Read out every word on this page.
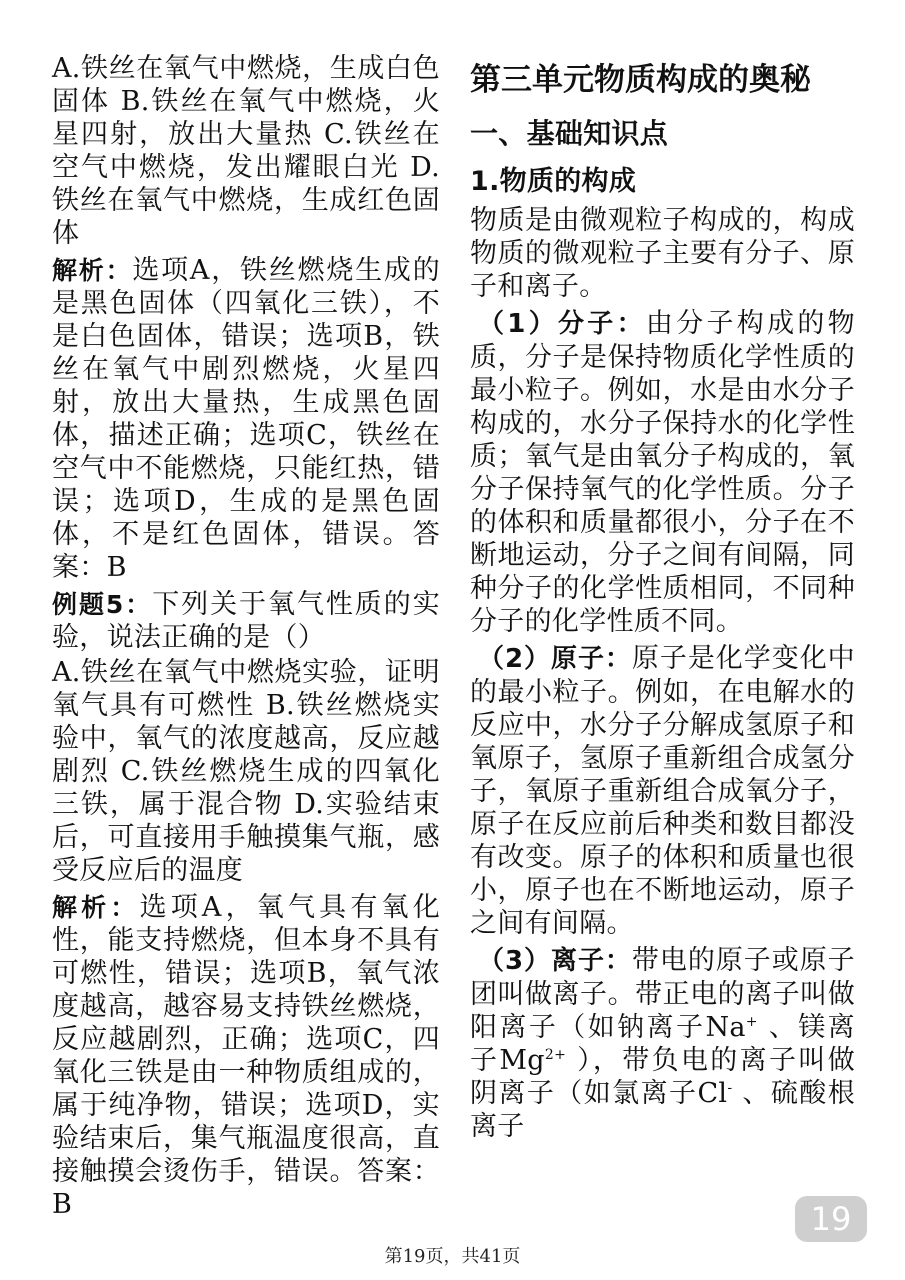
A.铁丝在氧气中燃烧，生成白色固体 B.铁丝在氧气中燃烧，火星四射，放出大量热 C.铁丝在空气中燃烧，发出耀眼白光 D.铁丝在氧气中燃烧，生成红色固体

解析：选项A，铁丝燃烧生成的是黑色固体（四氧化三铁），不是白色固体，错误；选项B，铁丝在氧气中剧烈燃烧，火星四射，放出大量热，生成黑色固体，描述正确；选项C，铁丝在空气中不能燃烧，只能红热，错误；选项D，生成的是黑色固体，不是红色固体，错误。答案：B

例题5：下列关于氧气性质的实验，说法正确的是（）

A.铁丝在氧气中燃烧实验，证明氧气具有可燃性 B.铁丝燃烧实验中，氧气的浓度越高，反应越剧烈 C.铁丝燃烧生成的四氧化三铁，属于混合物 D.实验结束后，可直接用手触摸集气瓶，感受反应后的温度

解析：选项A，氧气具有氧化性，能支持燃烧，但本身不具有可燃性，错误；选项B，氧气浓度越高，越容易支持铁丝燃烧，反应越剧烈，正确；选项C，四氧化三铁是由一种物质组成的，属于纯净物，错误；选项D，实验结束后，集气瓶温度很高，直接触摸会烫伤手，错误。答案：B

第三单元物质构成的奥秘
一、基础知识点
1.物质的构成

物质是由微观粒子构成的，构成物质的微观粒子主要有分子、原子和离子。

（1）分子：由分子构成的物质，分子是保持物质化学性质的最小粒子。例如，水是由水分子构成的，水分子保持水的化学性质；氧气是由氧分子构成的，氧分子保持氧气的化学性质。分子的体积和质量都很小，分子在不断地运动，分子之间有间隔，同种分子的化学性质相同，不同种分子的化学性质不同。

（2）原子：原子是化学变化中的最小粒子。例如，在电解水的反应中，水分子分解成氢原子和氧原子，氢原子重新组合成氢分子，氧原子重新组合成氧分子，原子在反应前后种类和数目都没有改变。原子的体积和质量也很小，原子也在不断地运动，原子之间有间隔。

（3）离子：带电的原子或原子团叫做离子。带正电的离子叫做阳离子（如钠离子Na+ 、镁离子$Mg^{2+}$ ），带负电的离子叫做阴离子（如氯离子Cl- 、硫酸根离子

19
第19页，共41页
